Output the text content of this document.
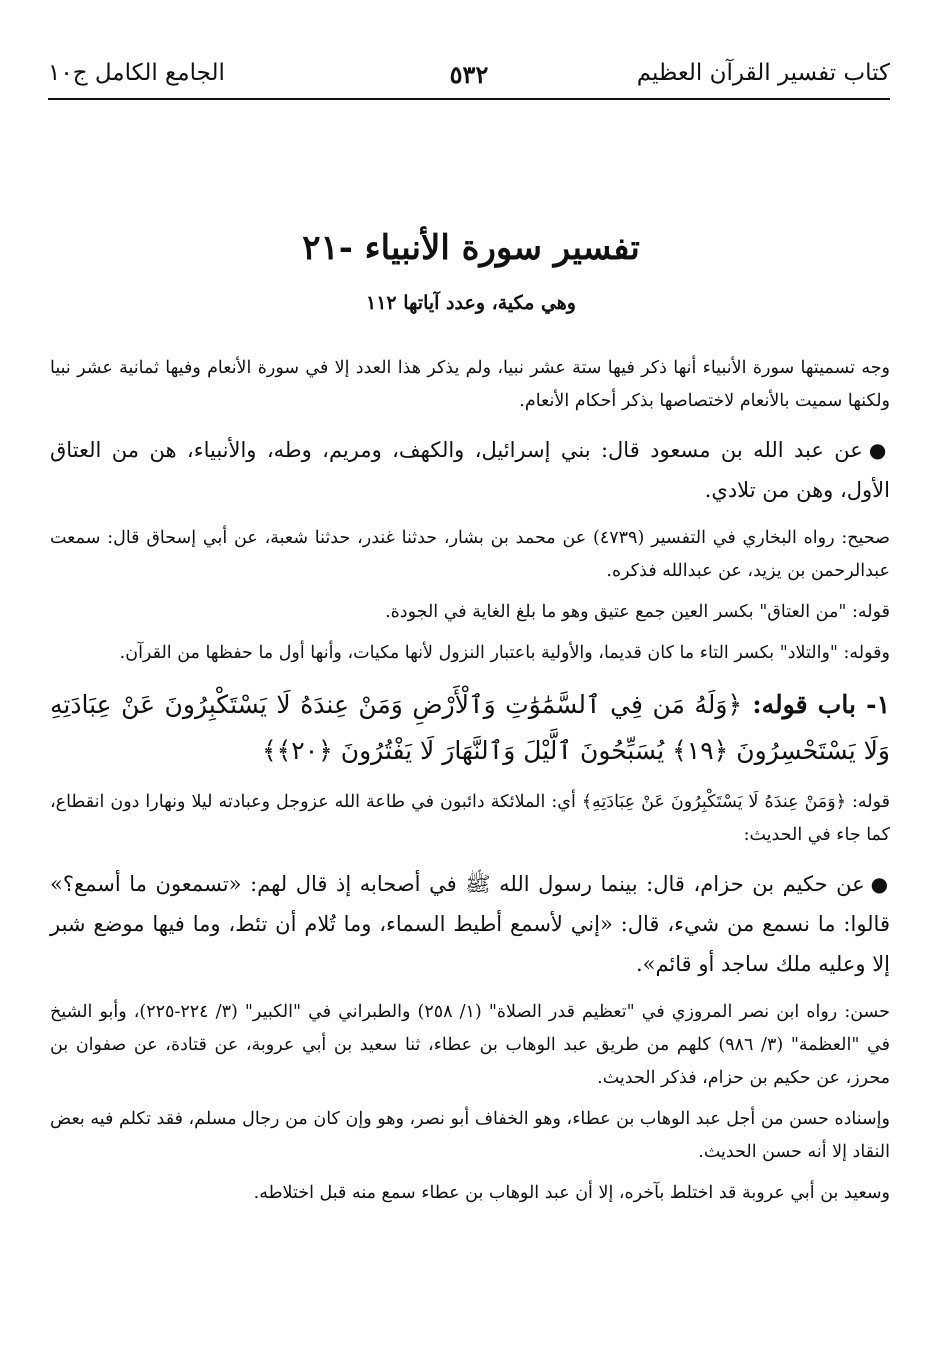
كتاب تفسير القرآن العظيم
٥٣٢
الجامع الكامل ج١٠
تفسير سورة الأنبياء -٢١
وهي مكية، وعدد آياتها ١١٢
وجه تسميتها سورة الأنبياء أنها ذكر فيها ستة عشر نبيا، ولم يذكر هذا العدد إلا في سورة الأنعام وفيها ثمانية عشر نبيا ولكنها سميت بالأنعام لاختصاصها بذكر أحكام الأنعام.
●عن عبد الله بن مسعود قال: بني إسرائيل، والكهف، ومريم، وطه، والأنبياء، هن من العتاق الأول، وهن من تلادي.
صحيح: رواه البخاري في التفسير (٤٧٣٩) عن محمد بن بشار، حدثنا غندر، حدثنا شعبة، عن أبي إسحاق قال: سمعت عبدالرحمن بن يزيد، عن عبدالله فذكره.
قوله: "من العتاق" بكسر العين جمع عتيق وهو ما بلغ الغاية في الجودة.
وقوله: "والتلاد" بكسر التاء ما كان قديما، والأولية باعتبار النزول لأنها مكيات، وأنها أول ما حفظها من القرآن.
١- باب قوله: ﴿وَلَهُ مَن فِي ٱلسَّمَٰوَٰتِ وَٱلْأَرْضِ وَمَنْ عِندَهُ لَا يَسْتَكْبِرُونَ عَنْ عِبَادَتِهِ وَلَا يَسْتَحْسِرُونَ ﴿١٩﴾ يُسَبِّحُونَ ٱلَّيْلَ وَٱلنَّهَارَ لَا يَفْتُرُونَ ﴿٢٠﴾﴾
قوله: ﴿وَمَنْ عِندَهُ لَا يَسْتَكْبِرُونَ عَنْ عِبَادَتِهِ﴾ أي: الملائكة دائبون في طاعة الله عزوجل وعبادته ليلا ونهارا دون انقطاع، كما جاء في الحديث:
●عن حكيم بن حزام، قال: بينما رسول الله ﷺ في أصحابه إذ قال لهم: «تسمعون ما أسمع؟» قالوا: ما نسمع من شيء، قال: «إني لأسمع أطيط السماء، وما تُلام أن تئط، وما فيها موضع شبر إلا وعليه ملك ساجد أو قائم».
حسن: رواه ابن نصر المروزي في "تعظيم قدر الصلاة" (١/ ٢٥٨) والطبراني في "الكبير" (٣/ ٢٢٤-٢٢٥)، وأبو الشيخ في "العظمة" (٣/ ٩٨٦) كلهم من طريق عبد الوهاب بن عطاء، ثنا سعيد بن أبي عروبة، عن قتادة، عن صفوان بن محرز، عن حكيم بن حزام، فذكر الحديث.
وإسناده حسن من أجل عبد الوهاب بن عطاء، وهو الخفاف أبو نصر، وهو وإن كان من رجال مسلم، فقد تكلم فيه بعض النقاد إلا أنه حسن الحديث.
وسعيد بن أبي عروبة قد اختلط بآخره، إلا أن عبد الوهاب بن عطاء سمع منه قبل اختلاطه.
